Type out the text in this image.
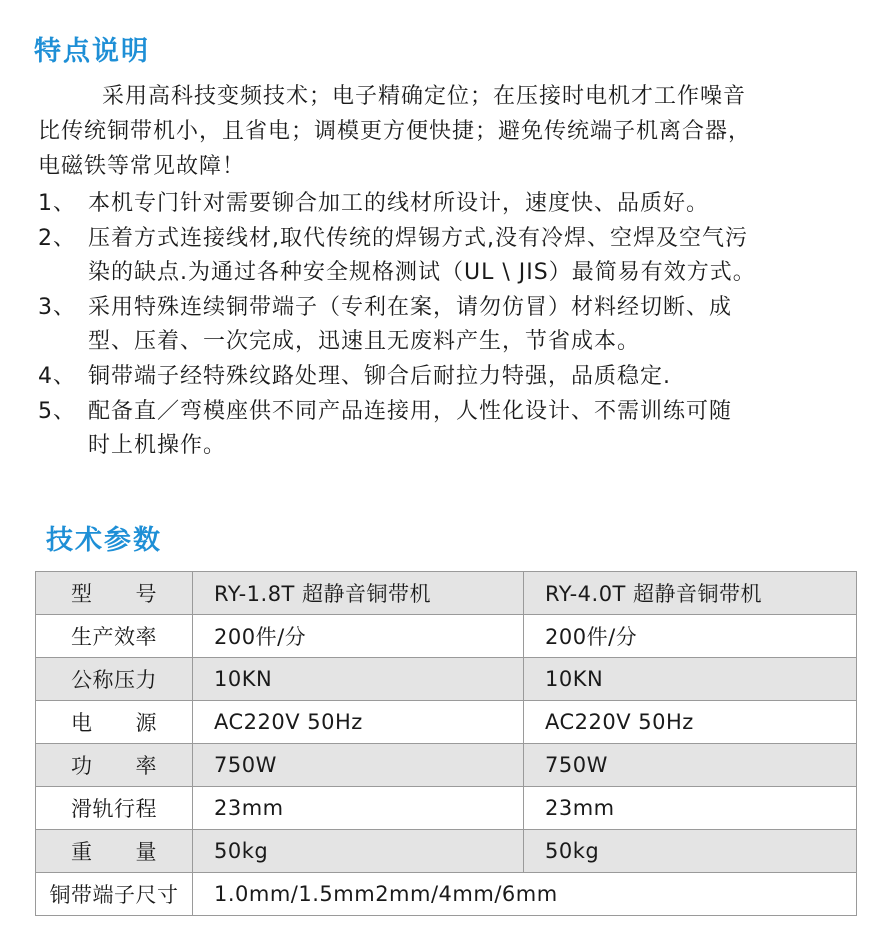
特点说明

采用高科技变频技术；电子精确定位；在压接时电机才工作噪音
比传统铜带机小，且省电；调模更方便快捷；避免传统端子机离合器，
电磁铁等常见故障！

1、 本机专门针对需要铆合加工的线材所设计，速度快、品质好。
2、 压着方式连接线材,取代传统的焊锡方式,没有冷焊、空焊及空气污
染的缺点.为通过各种安全规格测试（UL \ JIS）最简易有效方式。
3、 采用特殊连续铜带端子（专利在案，请勿仿冒）材料经切断、成
型、压着、一次完成，迅速且无废料产生，节省成本。
4、 铜带端子经特殊纹路处理、铆合后耐拉力特强，品质稳定.
5、 配备直／弯模座供不同产品连接用，人性化设计、不需训练可随
时上机操作。
技术参数
型      号	RY-1.8T 超静音铜带机	RY-4.0T 超静音铜带机
生产效率	200件/分	200件/分
公称压力	10KN	10KN
电      源	AC220V 50Hz	AC220V 50Hz
功      率	750W	750W
滑轨行程	23mm	23mm
重      量	50kg	50kg
铜带端子尺寸	1.0mm/1.5mm2mm/4mm/6mm	
